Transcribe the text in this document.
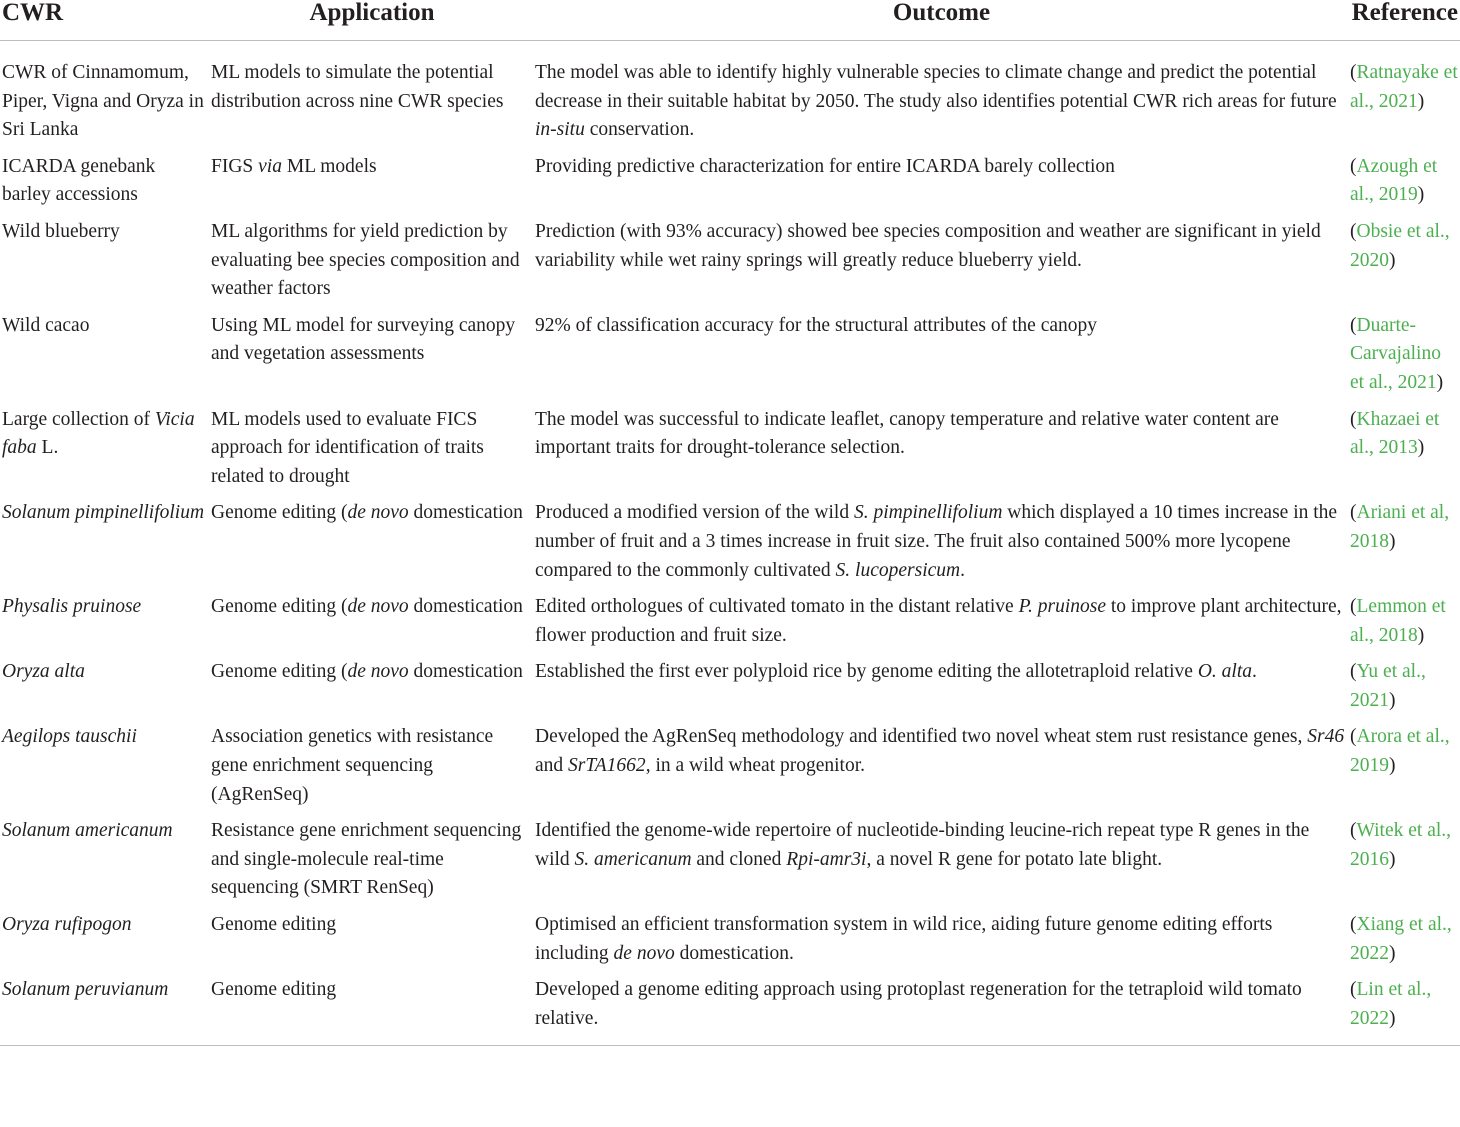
CWR	Application	Outcome	Reference
CWR of Cinnamomum, Piper, Vigna and Oryza in Sri Lanka	ML models to simulate the potential distribution across nine CWR species	The model was able to identify highly vulnerable species to climate change and predict the potential decrease in their suitable habitat by 2050. The study also identifies potential CWR rich areas for future in-situ conservation.	(Ratnayake et al., 2021)
ICARDA genebank barley accessions	FIGS via ML models	Providing predictive characterization for entire ICARDA barely collection	(Azough et al., 2019)
Wild blueberry	ML algorithms for yield prediction by evaluating bee species composition and weather factors	Prediction (with 93% accuracy) showed bee species composition and weather are significant in yield variability while wet rainy springs will greatly reduce blueberry yield.	(Obsie et al., 2020)
Wild cacao	Using ML model for surveying canopy and vegetation assessments	92% of classification accuracy for the structural attributes of the canopy	(Duarte-Carvajalino et al., 2021)
Large collection of Vicia faba L.	ML models used to evaluate FICS approach for identification of traits related to drought	The model was successful to indicate leaflet, canopy temperature and relative water content are important traits for drought-tolerance selection.	(Khazaei et al., 2013)
Solanum pimpinellifolium	Genome editing (de novo domestication	Produced a modified version of the wild S. pimpinellifolium which displayed a 10 times increase in the number of fruit and a 3 times increase in fruit size. The fruit also contained 500% more lycopene compared to the commonly cultivated S. lucopersicum.	(Ariani et al, 2018)
Physalis pruinose	Genome editing (de novo domestication	Edited orthologues of cultivated tomato in the distant relative P. pruinose to improve plant architecture, flower production and fruit size.	(Lemmon et al., 2018)
Oryza alta	Genome editing (de novo domestication	Established the first ever polyploid rice by genome editing the allotetraploid relative O. alta.	(Yu et al., 2021)
Aegilops tauschii	Association genetics with resistance gene enrichment sequencing (AgRenSeq)	Developed the AgRenSeq methodology and identified two novel wheat stem rust resistance genes, Sr46 and SrTA1662, in a wild wheat progenitor.	(Arora et al., 2019)
Solanum americanum	Resistance gene enrichment sequencing and single-molecule real-time sequencing (SMRT RenSeq)	Identified the genome-wide repertoire of nucleotide-binding leucine-rich repeat type R genes in the wild S. americanum and cloned Rpi-amr3i, a novel R gene for potato late blight.	(Witek et al., 2016)
Oryza rufipogon	Genome editing	Optimised an efficient transformation system in wild rice, aiding future genome editing efforts including de novo domestication.	(Xiang et al., 2022)
Solanum peruvianum	Genome editing	Developed a genome editing approach using protoplast regeneration for the tetraploid wild tomato relative.	(Lin et al., 2022)
